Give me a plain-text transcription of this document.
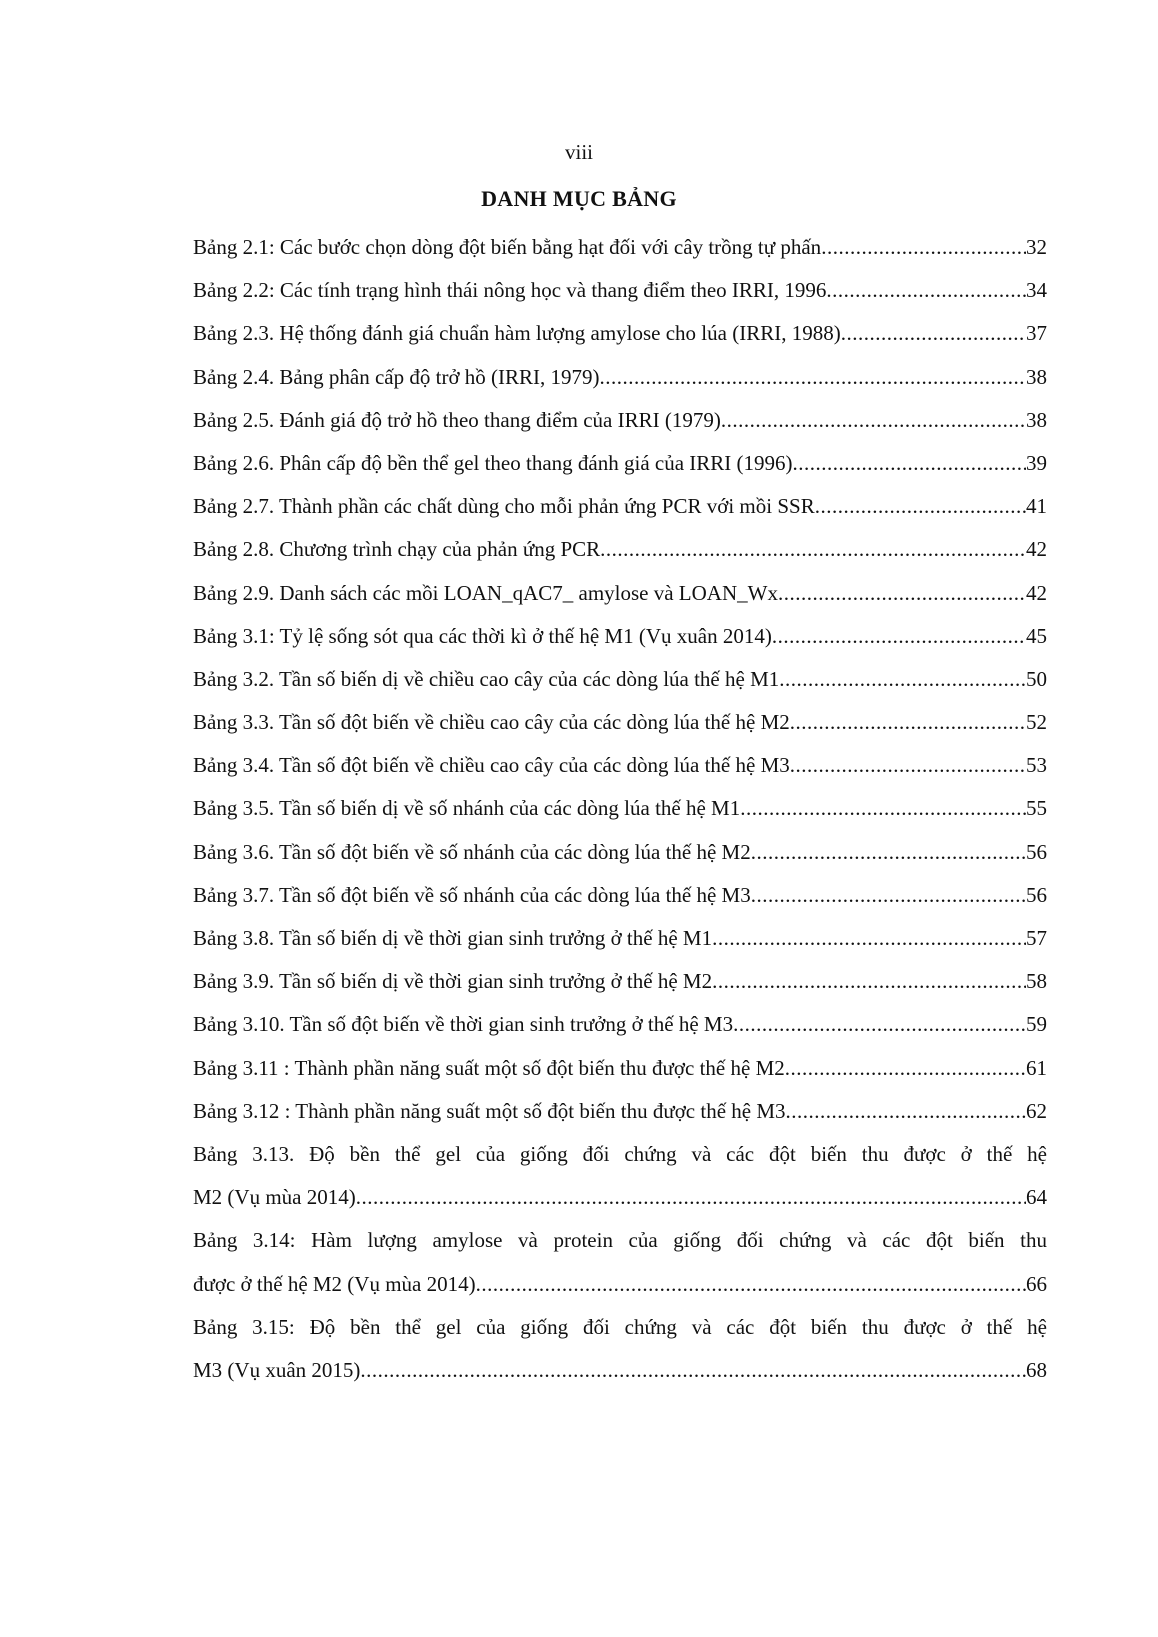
viii
DANH MỤC BẢNG
Bảng 2.1: Các bước chọn dòng đột biến bằng hạt đối với cây trồng tự phấn .....	32
Bảng 2.2: Các tính trạng hình thái nông học và thang điểm theo IRRI, 1996 .....	34
Bảng 2.3. Hệ thống đánh giá chuẩn hàm lượng amylose cho lúa (IRRI, 1988) .....	37
Bảng 2.4. Bảng phân cấp độ trở hồ (IRRI, 1979) .....	38
Bảng 2.5. Đánh giá độ trở hồ theo thang điểm của IRRI (1979) .....	38
Bảng 2.6. Phân cấp độ bền thể gel theo thang đánh giá của IRRI (1996) .....	39
Bảng 2.7. Thành phần các chất dùng cho mỗi phản ứng PCR với mồi SSR .....	41
Bảng 2.8. Chương trình chạy của phản ứng PCR .....	42
Bảng 2.9. Danh sách các mồi LOAN_qAC7_ amylose và LOAN_Wx .....	42
Bảng 3.1: Tỷ lệ sống sót qua các thời kì ở thế hệ M1 (Vụ xuân 2014) .....	45
Bảng 3.2. Tần số biến dị về chiều cao cây của các dòng lúa thế hệ M1 .....	50
Bảng 3.3. Tần số đột biến về chiều cao cây của các dòng lúa thế hệ M2 .....	52
Bảng 3.4. Tần số đột biến về chiều cao cây của các dòng lúa thế hệ M3 .....	53
Bảng 3.5. Tần số biến dị về số nhánh của các dòng lúa thế hệ M1 .....	55
Bảng 3.6. Tần số đột biến về số nhánh của các dòng lúa thế hệ M2 .....	56
Bảng 3.7. Tần số đột biến về số nhánh của các dòng lúa thế hệ M3 .....	56
Bảng 3.8. Tần số biến dị về thời gian sinh trưởng ở thế hệ M1 .....	57
Bảng 3.9. Tần số biến dị về thời gian sinh trưởng ở thế hệ M2 .....	58
Bảng 3.10. Tần số đột biến về thời gian sinh trưởng ở thế hệ M3 .....	59
Bảng 3.11 : Thành phần năng suất một số đột biến thu được thế hệ M2 .....	61
Bảng 3.12 : Thành phần năng suất một số đột biến thu được thế hệ M3 .....	62
Bảng 3.13. Độ bền thể gel của giống đối chứng và các đột biến thu được ở thế hệ
M2 (Vụ mùa 2014) .....	64
Bảng 3.14: Hàm lượng amylose và protein của giống đối chứng và các đột biến thu
được ở thế hệ M2 (Vụ mùa 2014) .....	66
Bảng 3.15: Độ bền thể gel của giống đối chứng và các đột biến thu được ở thế hệ
M3 (Vụ xuân 2015) .....	68
